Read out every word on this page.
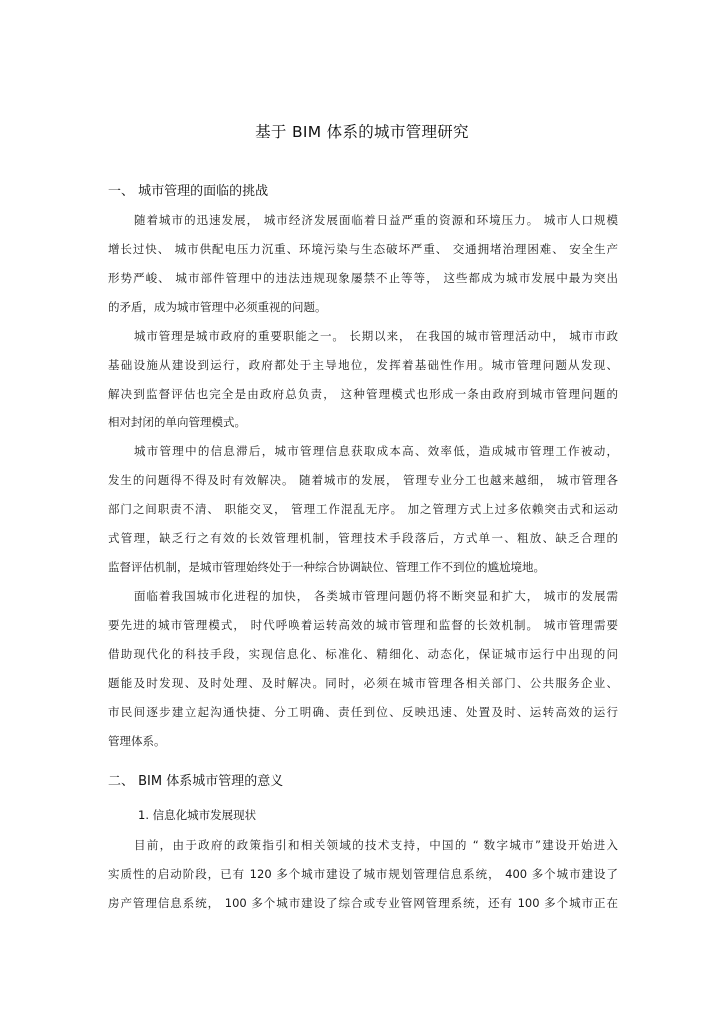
基于 BIM 体系的城市管理研究
一、 城市管理的面临的挑战
随着城市的迅速发展， 城市经济发展面临着日益严重的资源和环境压力。 城市人口规模
增长过快、 城市供配电压力沉重、环境污染与生态破坏严重、 交通拥堵治理困难、 安全生产
形势严峻、 城市部件管理中的违法违规现象屡禁不止等等， 这些都成为城市发展中最为突出
的矛盾，成为城市管理中必须重视的问题。
城市管理是城市政府的重要职能之一。 长期以来， 在我国的城市管理活动中， 城市市政
基础设施从建设到运行，政府都处于主导地位，发挥着基础性作用。城市管理问题从发现、
解决到监督评估也完全是由政府总负责， 这种管理模式也形成一条由政府到城市管理问题的
相对封闭的单向管理模式。
城市管理中的信息滞后，城市管理信息获取成本高、效率低，造成城市管理工作被动，
发生的问题得不得及时有效解决。 随着城市的发展， 管理专业分工也越来越细， 城市管理各
部门之间职责不清、 职能交叉， 管理工作混乱无序。 加之管理方式上过多依赖突击式和运动
式管理，缺乏行之有效的长效管理机制，管理技术手段落后，方式单一、粗放、缺乏合理的
监督评估机制，是城市管理始终处于一种综合协调缺位、管理工作不到位的尴尬境地。
面临着我国城市化进程的加快， 各类城市管理问题仍将不断突显和扩大， 城市的发展需
要先进的城市管理模式， 时代呼唤着运转高效的城市管理和监督的长效机制。 城市管理需要
借助现代化的科技手段，实现信息化、标准化、精细化、动态化，保证城市运行中出现的问
题能及时发现、及时处理、及时解决。同时，必须在城市管理各相关部门、公共服务企业、
市民间逐步建立起沟通快捷、分工明确、责任到位、反映迅速、处置及时、运转高效的运行
管理体系。
二、 BIM 体系城市管理的意义
1. 信息化城市发展现状
目前，由于政府的政策指引和相关领域的技术支持，中国的 “ 数字城市”建设开始进入
实质性的启动阶段，已有 120 多个城市建设了城市规划管理信息系统， 400 多个城市建设了
房产管理信息系统， 100 多个城市建设了综合或专业管网管理系统，还有 100 多个城市正在
